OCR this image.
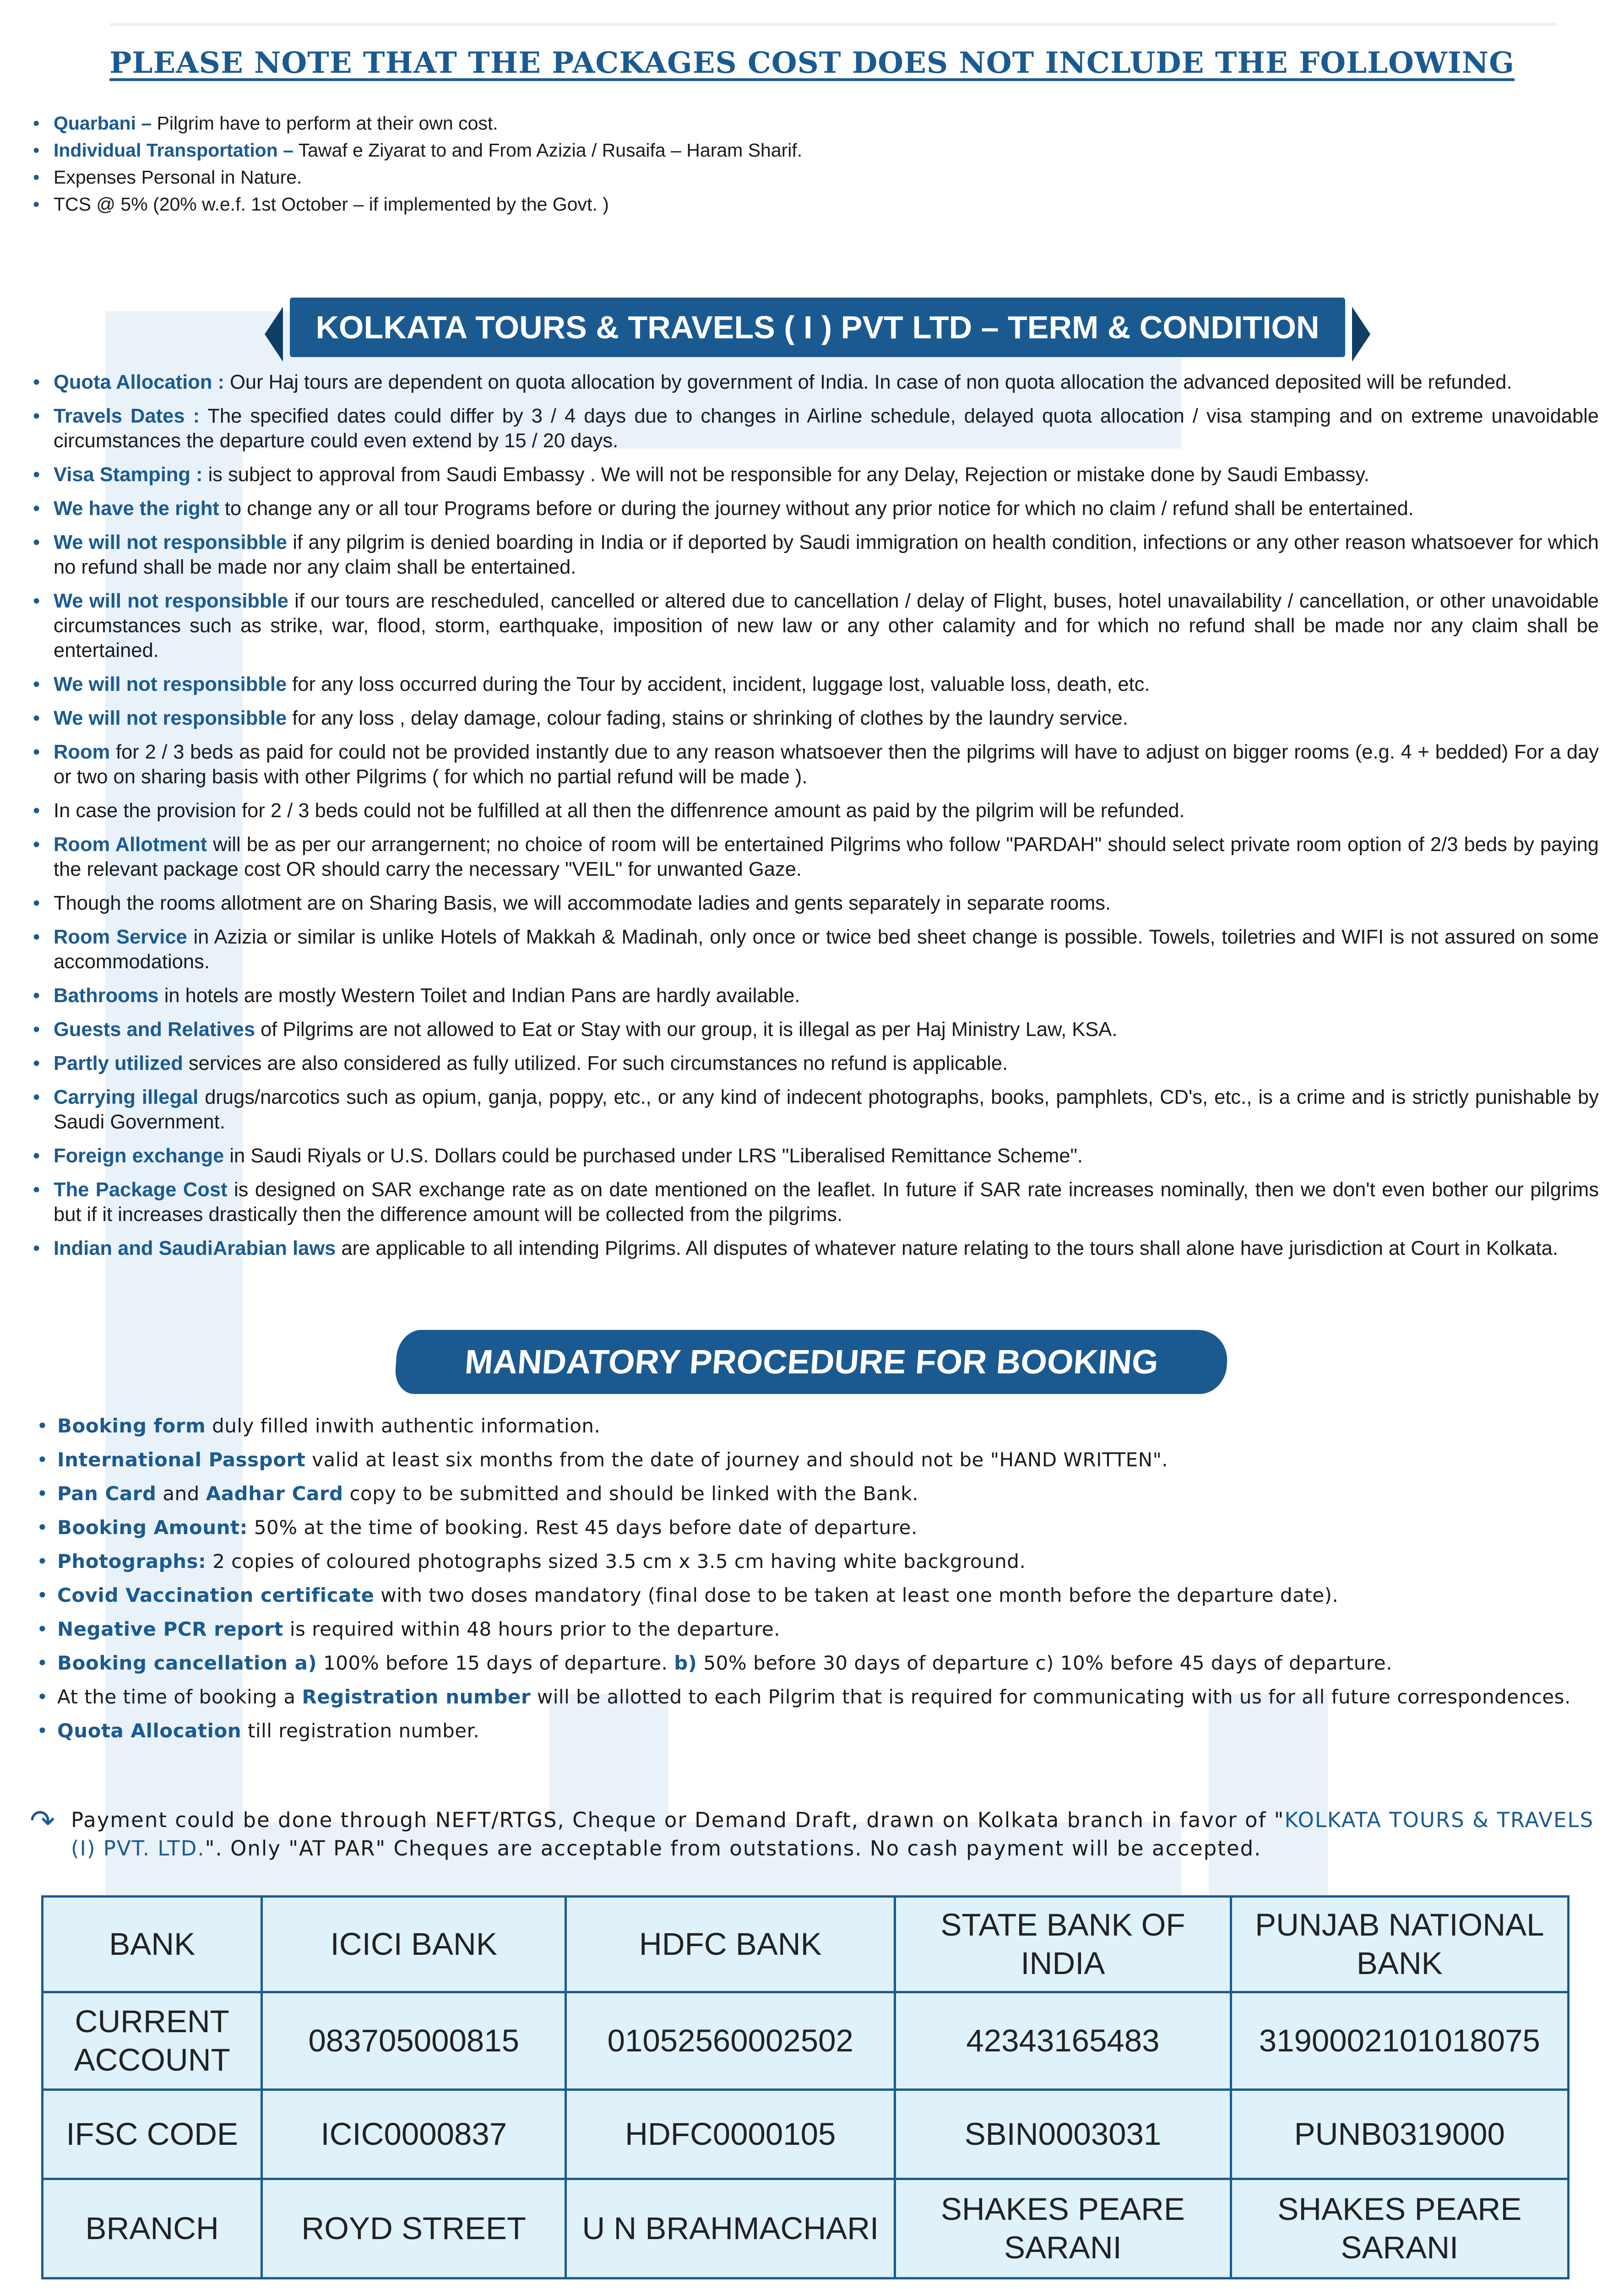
PLEASE NOTE THAT THE PACKAGES COST DOES NOT INCLUDE THE FOLLOWING
• Quarbani – Pilgrim have to perform at their own cost.
• Individual Transportation – Tawaf e Ziyarat to and From Azizia / Rusaifa – Haram Sharif.
• Expenses Personal in Nature.
• TCS @ 5% (20% w.e.f. 1st October – if implemented by the Govt. )
KOLKATA TOURS & TRAVELS ( I ) PVT LTD – TERM & CONDITION
• Quota Allocation : Our Haj tours are dependent on quota allocation by government of India. In case of non quota allocation the advanced deposited will be refunded.
• Travels Dates : The specified dates could differ by 3 / 4 days due to changes in Airline schedule, delayed quota allocation / visa stamping and on extreme unavoidable circumstances the departure could even extend by 15 / 20 days.
• Visa Stamping : is subject to approval from Saudi Embassy . We will not be responsible for any Delay, Rejection or mistake done by Saudi Embassy.
• We have the right to change any or all tour Programs before or during the journey without any prior notice for which no claim / refund shall be entertained.
• We will not responsibble if any pilgrim is denied boarding in India or if deported by Saudi immigration on health condition, infections or any other reason whatsoever for which no refund shall be made nor any claim shall be entertained.
• We will not responsibble if our tours are rescheduled, cancelled or altered due to cancellation / delay of Flight, buses, hotel unavailability / cancellation, or other unavoidable circumstances such as strike, war, flood, storm, earthquake, imposition of new law or any other calamity and for which no refund shall be made nor any claim shall be entertained.
• We will not responsibble for any loss occurred during the Tour by accident, incident, luggage lost, valuable loss, death, etc.
• We will not responsibble for any loss , delay damage, colour fading, stains or shrinking of clothes by the laundry service.
• Room for 2 / 3 beds as paid for could not be provided instantly due to any reason whatsoever then the pilgrims will have to adjust on bigger rooms (e.g. 4 + bedded) For a day or two on sharing basis with other Pilgrims ( for which no partial refund will be made ).
• In case the provision for 2 / 3 beds could not be fulfilled at all then the diffenrence amount as paid by the pilgrim will be refunded.
• Room Allotment will be as per our arrangernent; no choice of room will be entertained Pilgrims who follow "PARDAH" should select private room option of 2/3 beds by paying the relevant package cost OR should carry the necessary "VEIL" for unwanted Gaze.
• Though the rooms allotment are on Sharing Basis, we will accommodate ladies and gents separately in separate rooms.
• Room Service in Azizia or similar is unlike Hotels of Makkah & Madinah, only once or twice bed sheet change is possible. Towels, toiletries and WIFI is not assured on some accommodations.
• Bathrooms in hotels are mostly Western Toilet and Indian Pans are hardly available.
• Guests and Relatives of Pilgrims are not allowed to Eat or Stay with our group, it is illegal as per Haj Ministry Law, KSA.
• Partly utilized services are also considered as fully utilized. For such circumstances no refund is applicable.
• Carrying illegal drugs/narcotics such as opium, ganja, poppy, etc., or any kind of indecent photographs, books, pamphlets, CD's, etc., is a crime and is strictly punishable by Saudi Government.
• Foreign exchange in Saudi Riyals or U.S. Dollars could be purchased under LRS "Liberalised Remittance Scheme".
• The Package Cost is designed on SAR exchange rate as on date mentioned on the leaflet. In future if SAR rate increases nominally, then we don't even bother our pilgrims but if it increases drastically then the difference amount will be collected from the pilgrims.
• Indian and SaudiArabian laws are applicable to all intending Pilgrims. All disputes of whatever nature relating to the tours shall alone have jurisdiction at Court in Kolkata.
MANDATORY PROCEDURE FOR BOOKING
• Booking form duly filled inwith authentic information.
• International Passport valid at least six months from the date of journey and should not be "HAND WRITTEN".
• Pan Card and Aadhar Card copy to be submitted and should be linked with the Bank.
• Booking Amount: 50% at the time of booking. Rest 45 days before date of departure.
• Photographs: 2 copies of coloured photographs sized 3.5 cm x 3.5 cm having white background.
• Covid Vaccination certificate with two doses mandatory (final dose to be taken at least one month before the departure date).
• Negative PCR report is required within 48 hours prior to the departure.
• Booking cancellation a) 100% before 15 days of departure. b) 50% before 30 days of departure c) 10% before 45 days of departure.
• At the time of booking a Registration number will be allotted to each Pilgrim that is required for communicating with us for all future correspondences.
• Quota Allocation till registration number.
↷ Payment could be done through NEFT/RTGS, Cheque or Demand Draft, drawn on Kolkata branch in favor of "KOLKATA TOURS & TRAVELS (I) PVT. LTD.". Only "AT PAR" Cheques are acceptable from outstations. No cash payment will be accepted.
BANK	ICICI BANK	HDFC BANK	STATE BANK OF INDIA	PUNJAB NATIONAL BANK
CURRENT ACCOUNT	083705000815	01052560002502	42343165483	3190002101018075
IFSC CODE	ICIC0000837	HDFC0000105	SBIN0003031	PUNB0319000
BRANCH	ROYD STREET	U N BRAHMACHARI	SHAKES PEARE SARANI	SHAKES PEARE SARANI
